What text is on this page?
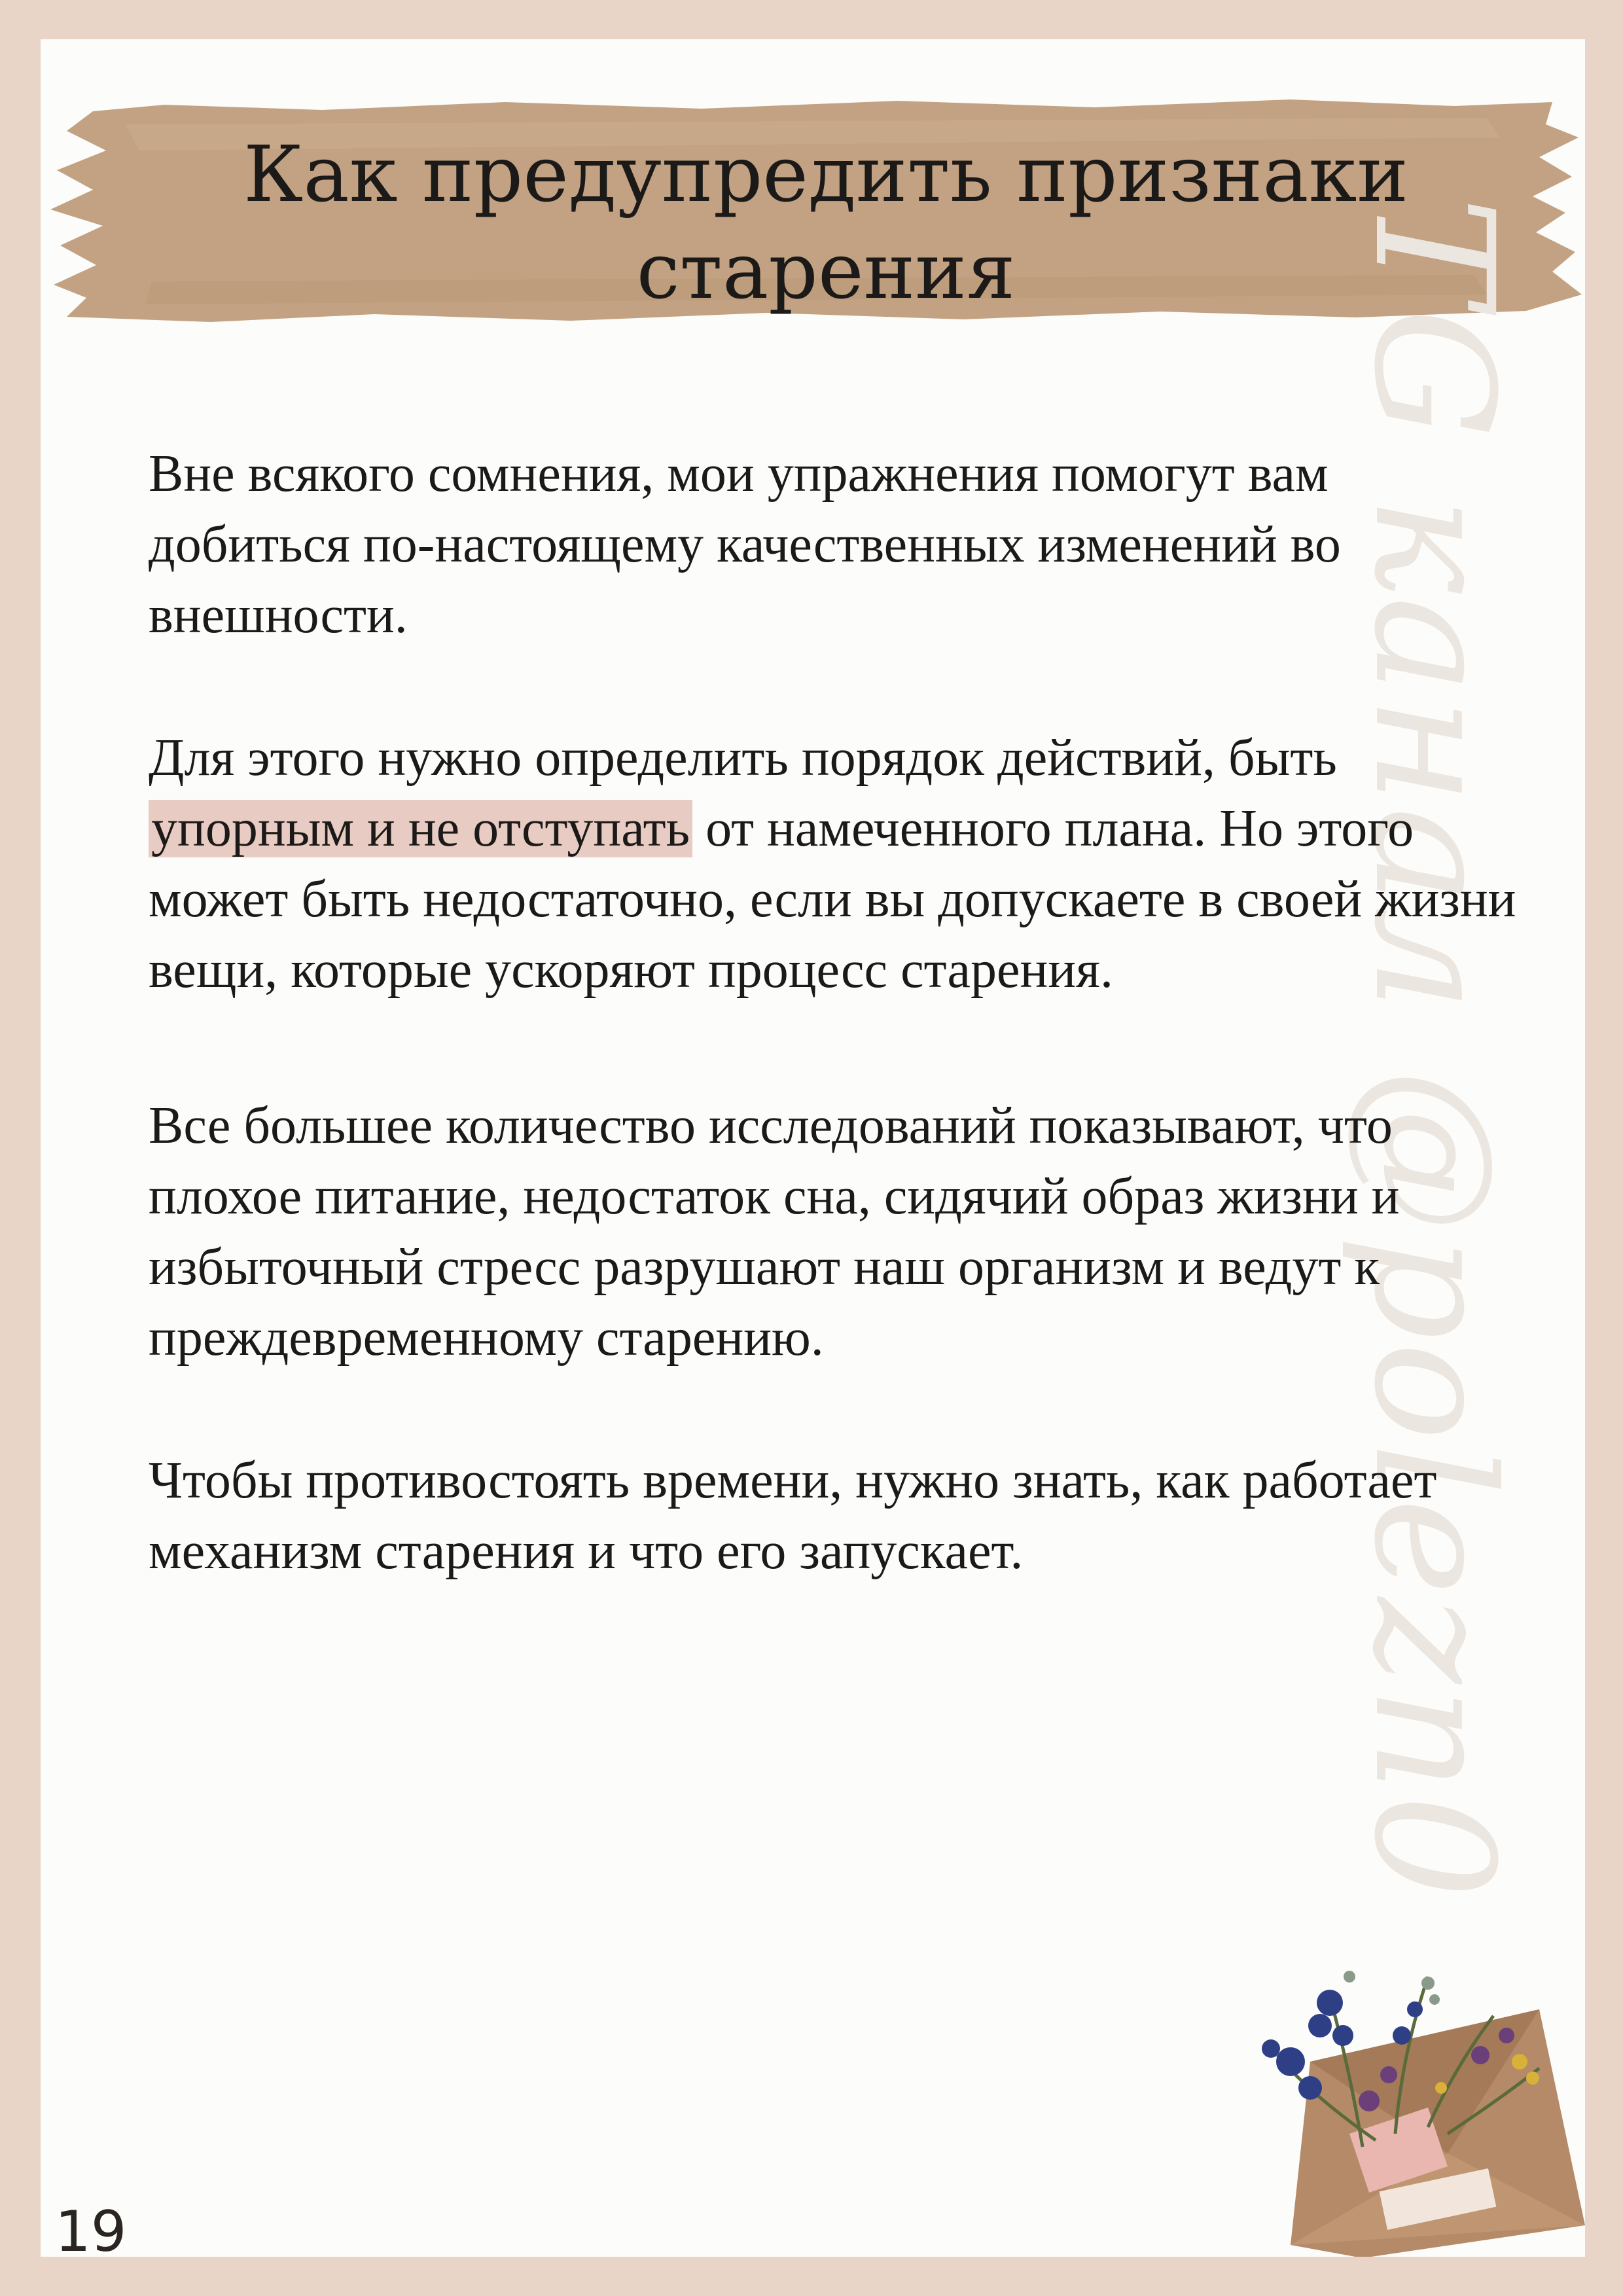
Как предупредить признаки
старения TG канал @polezn0

Вне всякого сомнения, мои упражнения помогут вам добиться по-настоящему качественных изменений во внешности.

Для этого нужно определить порядок действий, быть упорным и не отступать от намеченного плана. Но этого может быть недостаточно, если вы допускаете в своей жизни вещи, которые ускоряют процесс старения.

Все большее количество исследований показывают, что плохое питание, недостаток сна, сидячий образ жизни и избыточный стресс разрушают наш организм и ведут к преждевременному старению.

Чтобы противостоять времени, нужно знать, как работает механизм старения и что его запускает.

19
